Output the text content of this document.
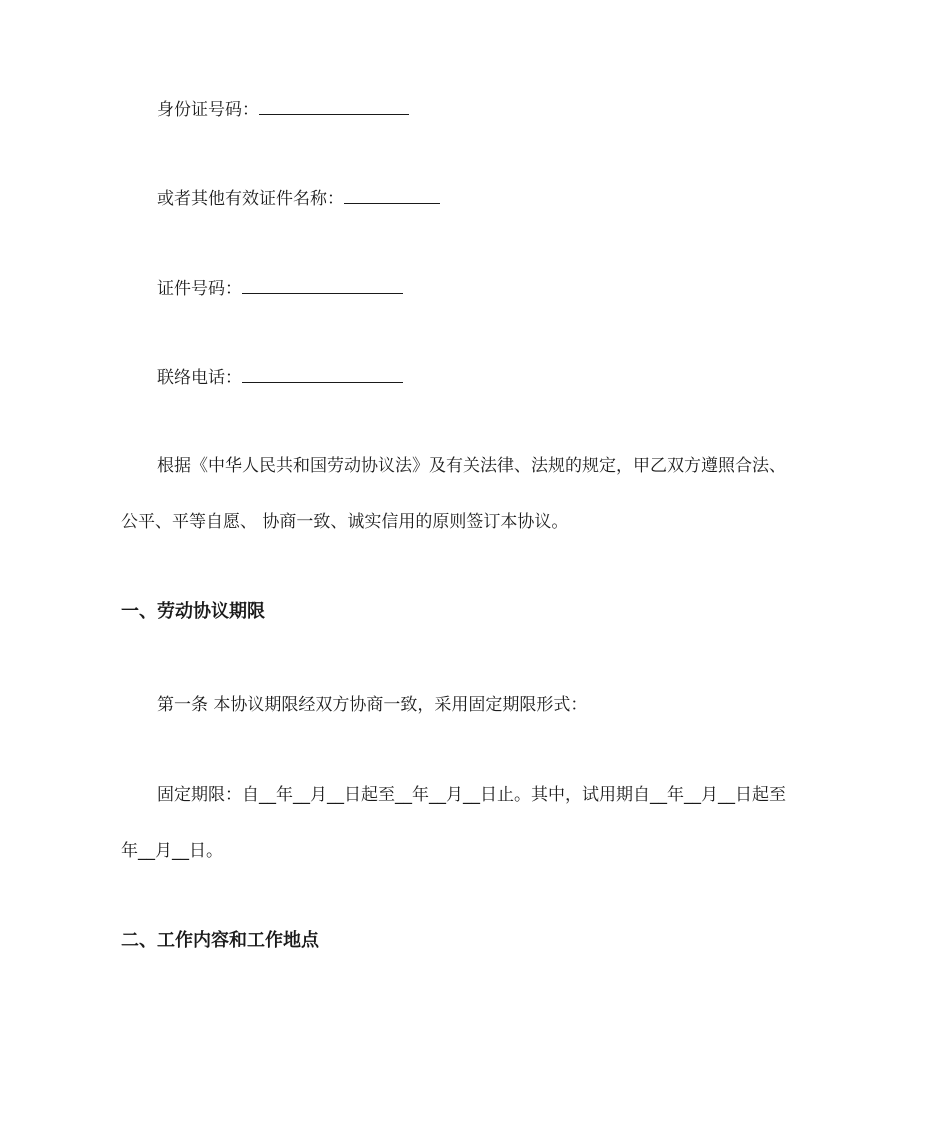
身份证号码：
或者其他有效证件名称：
证件号码：
联络电话：
根据《中华人民共和国劳动协议法》及有关法律、法规的规定，甲乙双方遵照合法、
公平、平等自愿、 协商一致、诚实信用的原则签订本协议。
一、劳动协议期限
第一条 本协议期限经双方协商一致，采用固定期限形式：
固定期限：自__年__月__日起至__年__月__日止。其中，试用期自__年__月__日起至
年__月__日。
二、工作内容和工作地点
